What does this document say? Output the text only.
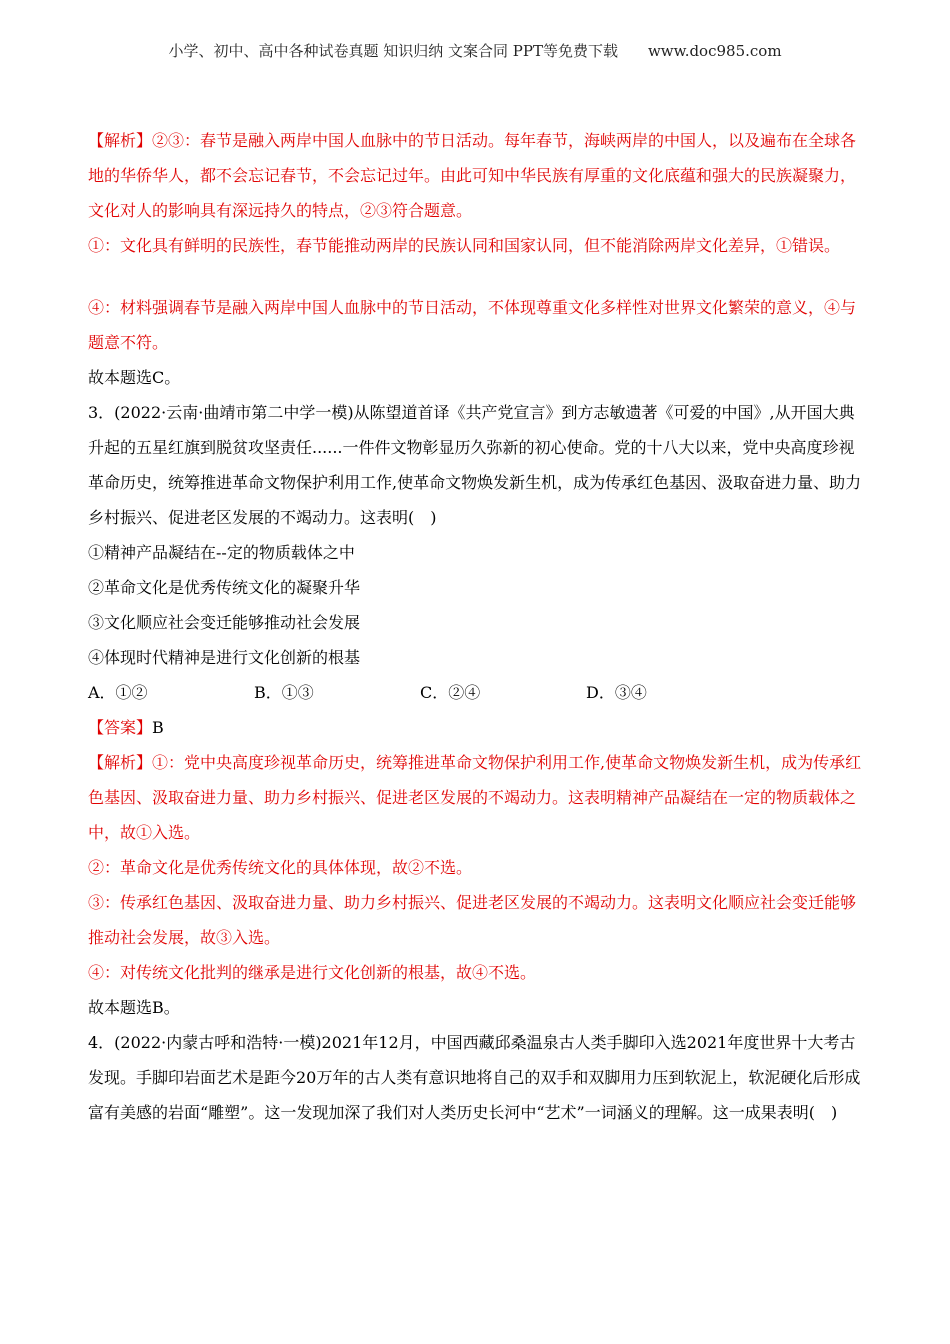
小学、初中、高中各种试卷真题 知识归纳 文案合同 PPT等免费下载　　www.doc985.com

【解析】②③：春节是融入两岸中国人血脉中的节日活动。每年春节，海峡两岸的中国人，以及遍布在全球各地的华侨华人，都不会忘记春节，不会忘记过年。由此可知中华民族有厚重的文化底蕴和强大的民族凝聚力，文化对人的影响具有深远持久的特点，②③符合题意。

①：文化具有鲜明的民族性，春节能推动两岸的民族认同和国家认同，但不能消除两岸文化差异，①错误。

④：材料强调春节是融入两岸中国人血脉中的节日活动，不体现尊重文化多样性对世界文化繁荣的意义，④与题意不符。

故本题选C。

3．(2022·云南·曲靖市第二中学一模)从陈望道首译《共产党宣言》到方志敏遗著《可爱的中国》,从开国大典升起的五星红旗到脱贫攻坚责任......一件件文物彰显历久弥新的初心使命。党的十八大以来，党中央高度珍视革命历史，统筹推进革命文物保护利用工作,使革命文物焕发新生机，成为传承红色基因、汲取奋进力量、助力乡村振兴、促进老区发展的不竭动力。这表明(　)

①精神产品凝结在--定的物质载体之中

②革命文化是优秀传统文化的凝聚升华

③文化顺应社会变迁能够推动社会发展

④体现时代精神是进行文化创新的根基

A．①②	B．①③	C．②④	D．③④

【答案】B

【解析】①：党中央高度珍视革命历史，统筹推进革命文物保护利用工作,使革命文物焕发新生机，成为传承红色基因、汲取奋进力量、助力乡村振兴、促进老区发展的不竭动力。这表明精神产品凝结在一定的物质载体之中，故①入选。

②：革命文化是优秀传统文化的具体体现，故②不选。

③：传承红色基因、汲取奋进力量、助力乡村振兴、促进老区发展的不竭动力。这表明文化顺应社会变迁能够推动社会发展，故③入选。

④：对传统文化批判的继承是进行文化创新的根基，故④不选。

故本题选B。

4．(2022·内蒙古呼和浩特·一模)2021年12月，中国西藏邱桑温泉古人类手脚印入选2021年度世界十大考古发现。手脚印岩面艺术是距今20万年的古人类有意识地将自己的双手和双脚用力压到软泥上，软泥硬化后形成富有美感的岩面“雕塑”。这一发现加深了我们对人类历史长河中“艺术”一词涵义的理解。这一成果表明(　)
